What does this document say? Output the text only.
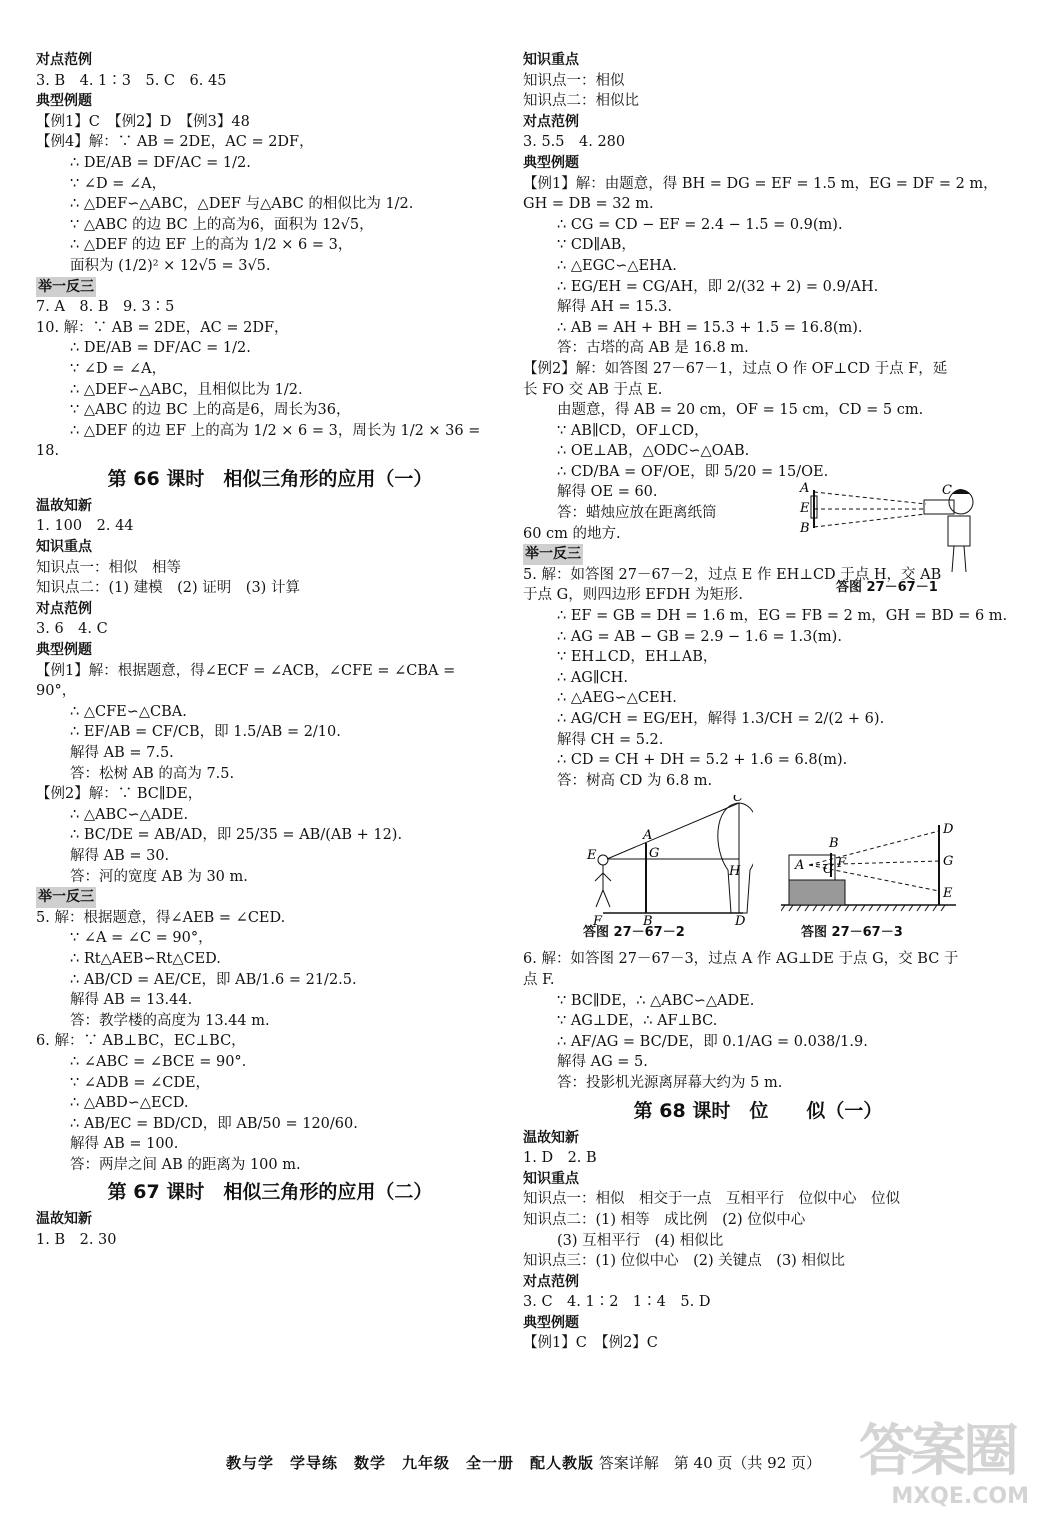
对点范例
3. B　4. 1∶3　5. C　6. 45
典型例题
【例1】C　【例2】D　【例3】48
【例4】解：∵ AB = 2DE，AC = 2DF，
∴ DE/AB = DF/AC = 1/2.
∵ ∠D = ∠A，
∴ △DEF∽△ABC，△DEF 与△ABC 的相似比为 1/2.
∵ △ABC 的边 BC 上的高为6，面积为 12√5，
∴ △DEF 的边 EF 上的高为 1/2 × 6 = 3，
面积为 (1/2)² × 12√5 = 3√5.
举一反三
7. A　8. B　9. 3∶5
10. 解：∵ AB = 2DE，AC = 2DF，
∴ DE/AB = DF/AC = 1/2.
∵ ∠D = ∠A，
∴ △DEF∽△ABC，且相似比为 1/2.
∵ △ABC 的边 BC 上的高是6，周长为36，
∴ △DEF 的边 EF 上的高为 1/2 × 6 = 3，周长为 1/2 × 36 =
18.
第 66 课时　相似三角形的应用（一）
温故知新
1. 100　2. 44
知识重点
知识点一：相似　相等
知识点二：(1) 建模　(2) 证明　(3) 计算
对点范例
3. 6　4. C
典型例题
【例1】解：根据题意，得∠ECF = ∠ACB，∠CFE = ∠CBA =
90°，
∴ △CFE∽△CBA.
∴ EF/AB = CF/CB，即 1.5/AB = 2/10.
解得 AB = 7.5.
答：松树 AB 的高为 7.5.
【例2】解：∵ BC∥DE，
∴ △ABC∽△ADE.
∴ BC/DE = AB/AD，即 25/35 = AB/(AB + 12).
解得 AB = 30.
答：河的宽度 AB 为 30 m.
举一反三
5. 解：根据题意，得∠AEB = ∠CED.
∵ ∠A = ∠C = 90°，
∴ Rt△AEB∽Rt△CED.
∴ AB/CD = AE/CE，即 AB/1.6 = 21/2.5.
解得 AB = 13.44.
答：教学楼的高度为 13.44 m.
6. 解：∵ AB⊥BC，EC⊥BC，
∴ ∠ABC = ∠BCE = 90°.
∵ ∠ADB = ∠CDE，
∴ △ABD∽△ECD.
∴ AB/EC = BD/CD，即 AB/50 = 120/60.
解得 AB = 100.
答：两岸之间 AB 的距离为 100 m.
第 67 课时　相似三角形的应用（二）
温故知新
1. B　2. 30
知识重点
知识点一：相似
知识点二：相似比
对点范例
3. 5.5　4. 280
典型例题
【例1】解：由题意，得 BH = DG = EF = 1.5 m，EG = DF = 2 m，
GH = DB = 32 m.
∴ CG = CD − EF = 2.4 − 1.5 = 0.9(m).
∵ CD∥AB，
∴ △EGC∽△EHA.
∴ EG/EH = CG/AH，即 2/(32 + 2) = 0.9/AH.
解得 AH = 15.3.
∴ AB = AH + BH = 15.3 + 1.5 = 16.8(m).
答：古塔的高 AB 是 16.8 m.
【例2】解：如答图 27－67－1，过点 O 作 OF⊥CD 于点 F，延
长 FO 交 AB 于点 E.
由题意，得 AB = 20 cm，OF = 15 cm，CD = 5 cm.
∵ AB∥CD，OF⊥CD，
∴ OE⊥AB，△ODC∽△OAB.
∴ CD/BA = OF/OE，即 5/20 = 15/OE.
解得 OE = 60.
答：蜡烛应放在距离纸筒
60 cm 的地方.
举一反三
5. 解：如答图 27－67－2，过点 E 作 EH⊥CD 于点 H，交 AB
于点 G，则四边形 EFDH 为矩形.
∴ EF = GB = DH = 1.6 m，EG = FB = 2 m，GH = BD = 6 m.
∴ AG = AB − GB = 2.9 − 1.6 = 1.3(m).
∵ EH⊥CD，EH⊥AB，
∴ AG∥CH.
∴ △AEG∽△CEH.
∴ AG/CH = EG/EH，解得 1.3/CH = 2/(2 + 6).
解得 CH = 5.2.
∴ CD = CH + DH = 5.2 + 1.6 = 6.8(m).
答：树高 CD 为 6.8 m.
C
A
E	G
H
F	B	D
答图 27－67－2
B
A C F
D
G
E
答图 27－67－3
6. 解：如答图 27－67－3，过点 A 作 AG⊥DE 于点 G，交 BC 于
点 F.
∵ BC∥DE，∴ △ABC∽△ADE.
∵ AG⊥DE，∴ AF⊥BC.
∴ AF/AG = BC/DE，即 0.1/AG = 0.038/1.9.
解得 AG = 5.
答：投影机光源离屏幕大约为 5 m.
第 68 课时　位　　似（一）
温故知新
1. D　2. B
知识重点
知识点一：相似　相交于一点　互相平行　位似中心　位似
知识点二：(1) 相等　成比例　(2) 位似中心
(3) 互相平行　(4) 相似比
知识点三：(1) 位似中心　(2) 关键点　(3) 相似比
对点范例
3. C　4. 1∶2　1∶4　5. D
典型例题
【例1】C　【例2】C
A
E
B
C
答图 27－67－1
教与学　学导练　数学　九年级　全一册　配人教版 答案详解　第 40 页（共 92 页） 答案圈
MXQE.COM
